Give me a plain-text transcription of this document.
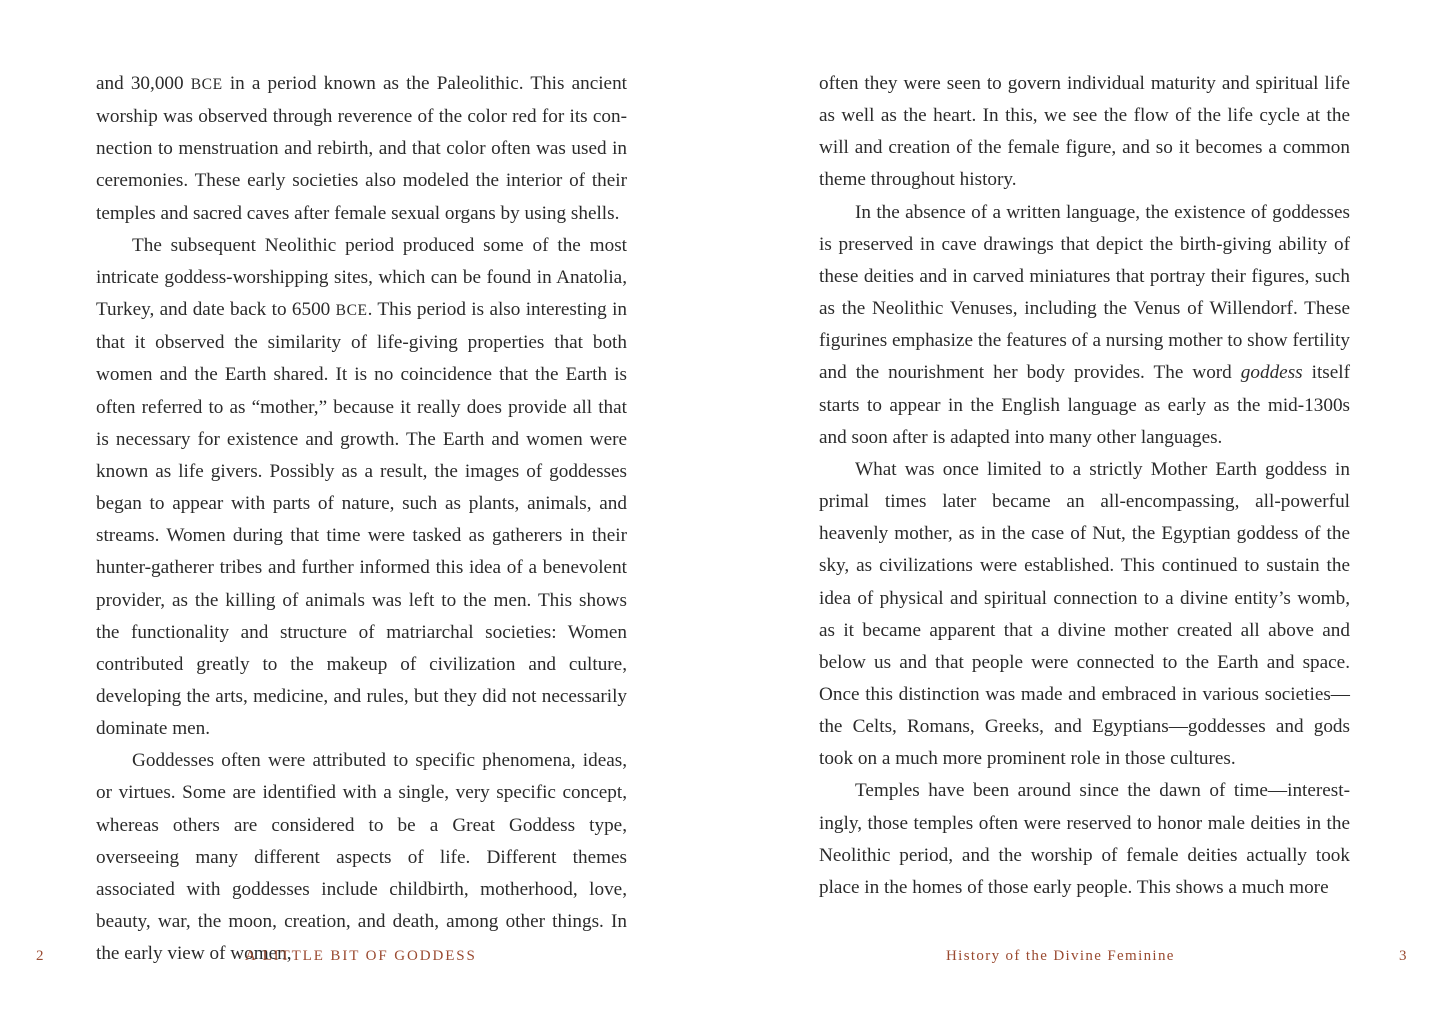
and 30,000 BCE in a period known as the Paleolithic. This ancient worship was observed through reverence of the color red for its connection to menstruation and rebirth, and that color often was used in ceremonies. These early societies also modeled the interior of their temples and sacred caves after female sexual organs by using shells.

The subsequent Neolithic period produced some of the most intricate goddess-worshipping sites, which can be found in Anatolia, Turkey, and date back to 6500 BCE. This period is also interesting in that it observed the similarity of life-giving properties that both women and the Earth shared. It is no coincidence that the Earth is often referred to as “mother,” because it really does provide all that is necessary for existence and growth. The Earth and women were known as life givers. Possibly as a result, the images of goddesses began to appear with parts of nature, such as plants, animals, and streams. Women during that time were tasked as gatherers in their hunter-gatherer tribes and further informed this idea of a benevolent provider, as the killing of animals was left to the men. This shows the functionality and structure of matriarchal societies: Women contributed greatly to the makeup of civilization and culture, developing the arts, medicine, and rules, but they did not necessarily dominate men.

Goddesses often were attributed to specific phenomena, ideas, or virtues. Some are identified with a single, very specific concept, whereas others are considered to be a Great Goddess type, overseeing many different aspects of life. Different themes associated with goddesses include childbirth, motherhood, love, beauty, war, the moon, creation, and death, among other things. In the early view of women,

2	A LITTLE BIT OF GODDESS

often they were seen to govern individual maturity and spiritual life as well as the heart. In this, we see the flow of the life cycle at the will and creation of the female figure, and so it becomes a common theme throughout history.

In the absence of a written language, the existence of goddesses is preserved in cave drawings that depict the birth-giving ability of these deities and in carved miniatures that portray their figures, such as the Neolithic Venuses, including the Venus of Willendorf. These figurines emphasize the features of a nursing mother to show fertility and the nourishment her body provides. The word goddess itself starts to appear in the English language as early as the mid-1300s and soon after is adapted into many other languages.

What was once limited to a strictly Mother Earth goddess in primal times later became an all-encompassing, all-powerful heavenly mother, as in the case of Nut, the Egyptian goddess of the sky, as civilizations were established. This continued to sustain the idea of physical and spiritual connection to a divine entity’s womb, as it became apparent that a divine mother created all above and below us and that people were connected to the Earth and space. Once this distinction was made and embraced in various societies—the Celts, Romans, Greeks, and Egyptians—goddesses and gods took on a much more prominent role in those cultures.

Temples have been around since the dawn of time—interestingly, those temples often were reserved to honor male deities in the Neolithic period, and the worship of female deities actually took place in the homes of those early people. This shows a much more

History of the Divine Feminine	3
